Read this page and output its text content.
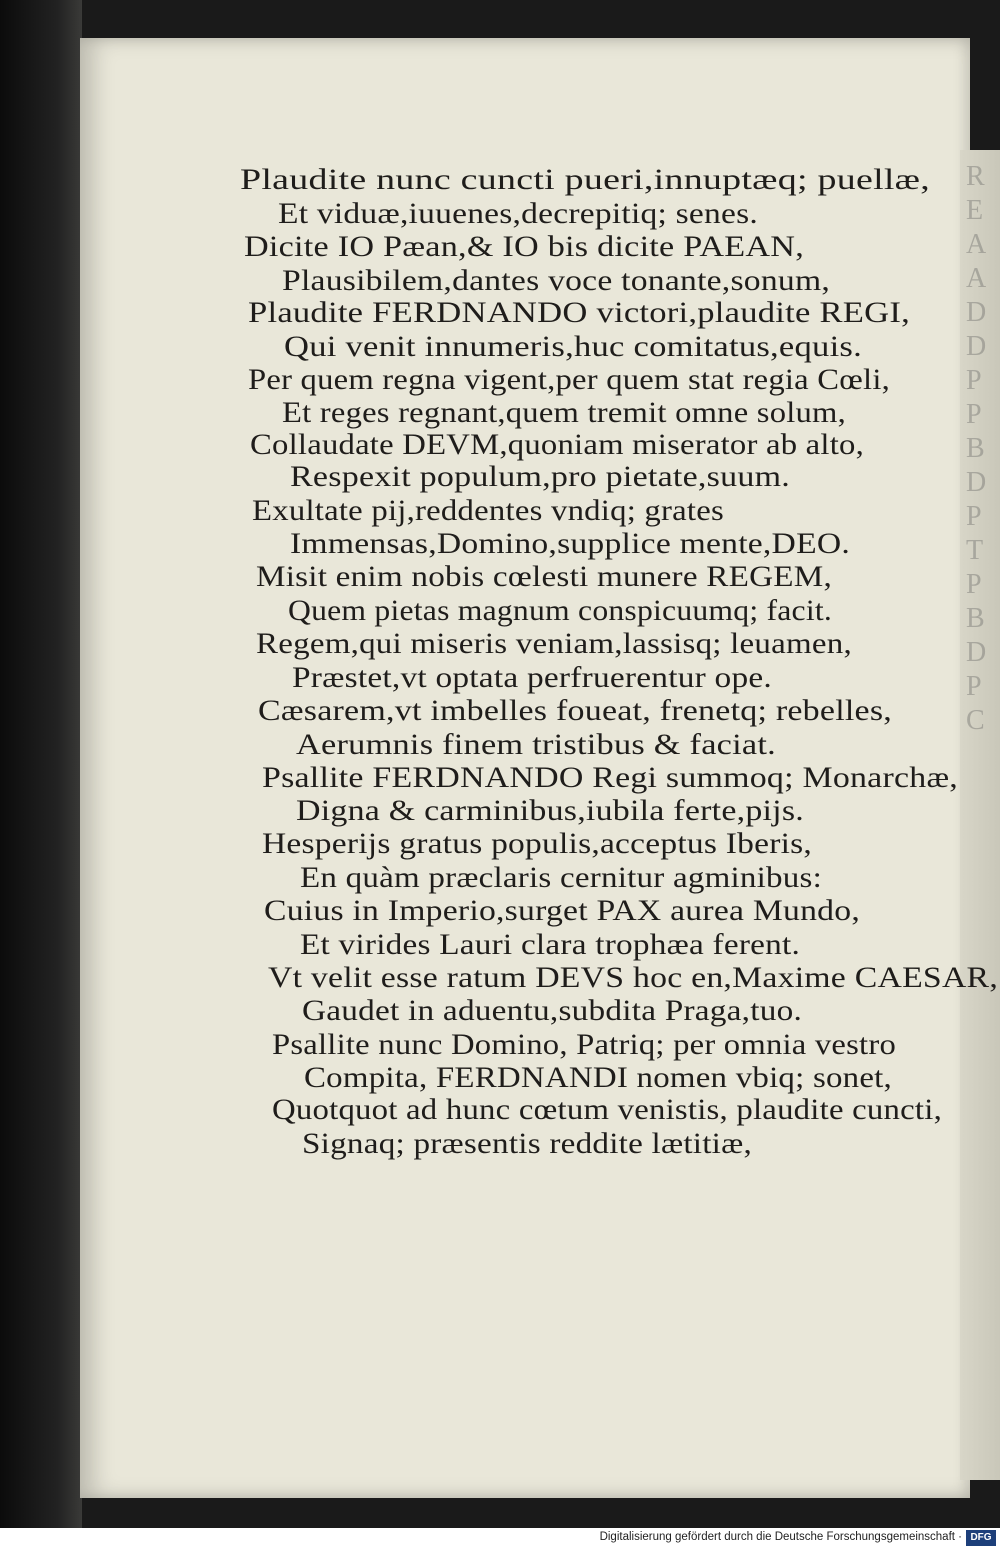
R
E
A
A
D
D
P
P
B
D
P
T
P
B
D
P
C
Plaudite nunc cuncti pueri,innuptæq; puellæ,
Et viduæ,iuuenes,decrepitiq; senes.
Dicite IO Pæan,& IO bis dicite PAEAN,
Plausibilem,dantes voce tonante,sonum,
Plaudite FERDNANDO victori,plaudite REGI,
Qui venit innumeris,huc comitatus,equis.
Per quem regna vigent,per quem stat regia Cœli,
Et reges regnant,quem tremit omne solum,
Collaudate DEVM,quoniam miserator ab alto,
Respexit populum,pro pietate,suum.
Exultate pij,reddentes vndiq; grates
Immensas,Domino,supplice mente,DEO.
Misit enim nobis cœlesti munere REGEM,
Quem pietas magnum conspicuumq; facit.
Regem,qui miseris veniam,lassisq; leuamen,
Præstet,vt optata perfruerentur ope.
Cæsarem,vt imbelles foueat, frenetq; rebelles,
Aerumnis finem tristibus & faciat.
Psallite FERDNANDO Regi summoq; Monarchæ,
Digna & carminibus,iubila ferte,pijs.
Hesperijs gratus populis,acceptus Iberis,
En quàm præclaris cernitur agminibus:
Cuius in Imperio,surget PAX aurea Mundo,
Et virides Lauri clara trophæa ferent.
Vt velit esse ratum DEVS hoc en,Maxime CAESAR,
Gaudet in aduentu,subdita Praga,tuo.
Psallite nunc Domino, Patriq; per omnia vestro
Compita, FERDNANDI nomen vbiq; sonet,
Quotquot ad hunc cœtum venistis, plaudite cuncti,
Signaq; præsentis reddite lætitiæ,
Digitalisierung gefördert durch die Deutsche Forschungsgemeinschaft · DFG
